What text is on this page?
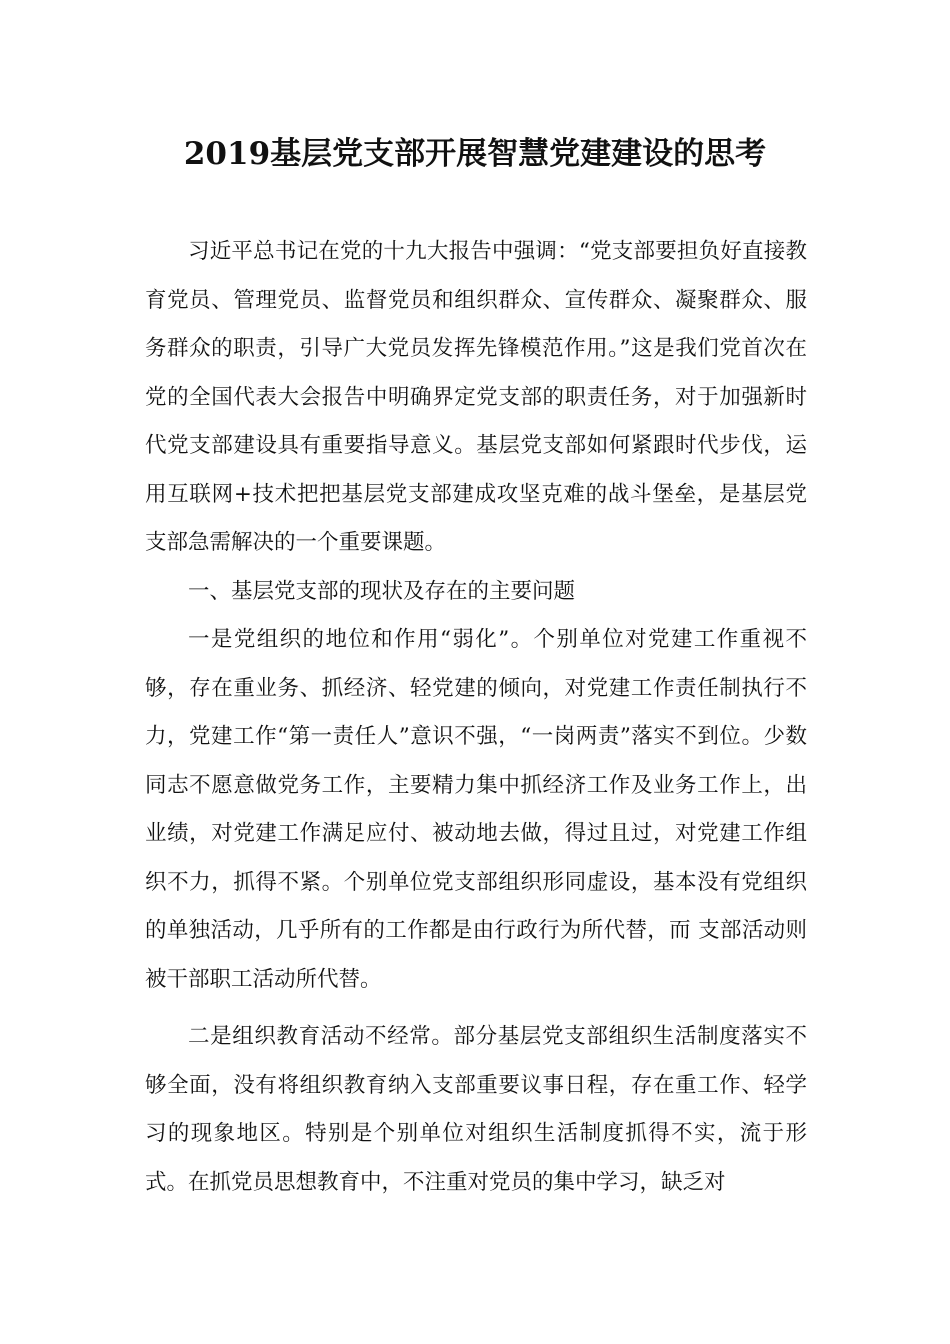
2019基层党支部开展智慧党建建设的思考

习近平总书记在党的十九大报告中强调：“党支部要担负好直接教育党员、管理党员、监督党员和组织群众、宣传群众、凝聚群众、服务群众的职责，引导广大党员发挥先锋模范作用。”这是我们党首次在党的全国代表大会报告中明确界定党支部的职责任务，对于加强新时代党支部建设具有重要指导意义。基层党支部如何紧跟时代步伐，运用互联网+技术把把基层党支部建成攻坚克难的战斗堡垒，是基层党支部急需解决的一个重要课题。

一、基层党支部的现状及存在的主要问题

一是党组织的地位和作用“弱化”。个别单位对党建工作重视不够，存在重业务、抓经济、轻党建的倾向，对党建工作责任制执行不力，党建工作“第一责任人”意识不强，“一岗两责”落实不到位。少数同志不愿意做党务工作，主要精力集中抓经济工作及业务工作上，出业绩，对党建工作满足应付、被动地去做，得过且过，对党建工作组织不力，抓得不紧。个别单位党支部组织形同虚设，基本没有党组织的单独活动，几乎所有的工作都是由行政行为所代替，而 支部活动则被干部职工活动所代替。

二是组织教育活动不经常。部分基层党支部组织生活制度落实不够全面，没有将组织教育纳入支部重要议事日程，存在重工作、轻学习的现象地区。特别是个别单位对组织生活制度抓得不实，流于形式。在抓党员思想教育中，不注重对党员的集中学习，缺乏对
